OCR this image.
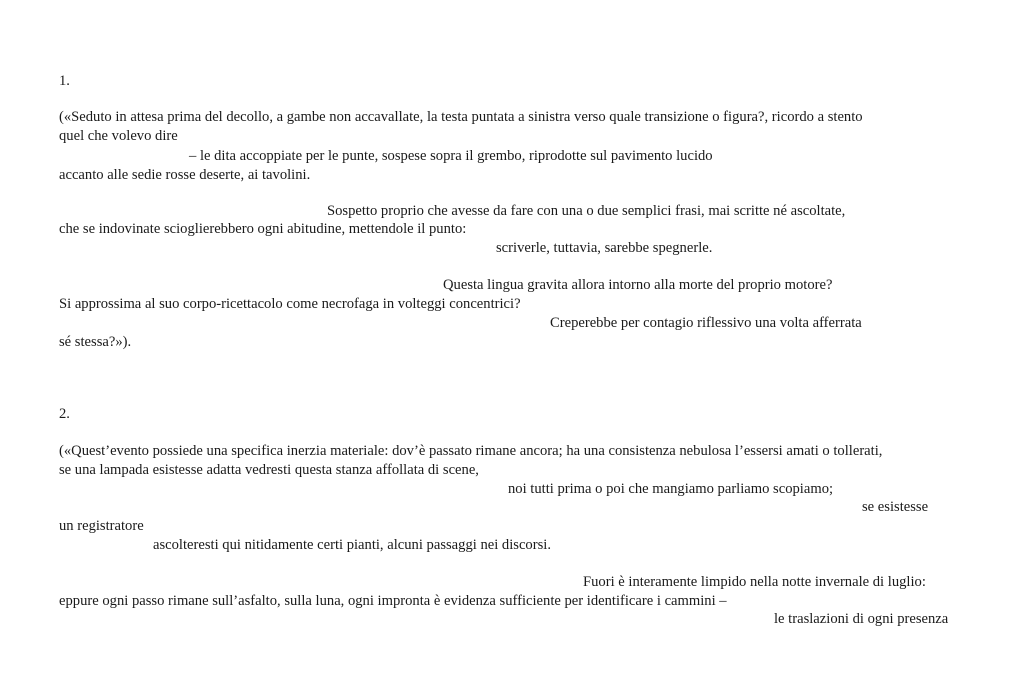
1.

(«Seduto in attesa prima del decollo, a gambe non accavallate, la testa puntata a sinistra verso quale transizione o figura?, ricordo a stento

quel che volevo dire

– le dita accoppiate per le punte, sospese sopra il grembo, riprodotte sul pavimento lucido

accanto alle sedie rosse deserte, ai tavolini.

Sospetto proprio che avesse da fare con una o due semplici frasi, mai scritte né ascoltate,

che se indovinate scioglierebbero ogni abitudine, mettendole il punto:

scriverle, tuttavia, sarebbe spegnerle.

Questa lingua gravita allora intorno alla morte del proprio motore?

Si approssima al suo corpo-ricettacolo come necrofaga in volteggi concentrici?

Creperebbe per contagio riflessivo una volta afferrata

sé stessa?»).

2.

(«Quest’evento possiede una specifica inerzia materiale: dov’è passato rimane ancora; ha una consistenza nebulosa l’essersi amati o tollerati,

se una lampada esistesse adatta vedresti questa stanza affollata di scene,

noi tutti prima o poi che mangiamo parliamo scopiamo;

se esistesse

un registratore

ascolteresti qui nitidamente certi pianti, alcuni passaggi nei discorsi.

Fuori è interamente limpido nella notte invernale di luglio:

eppure ogni passo rimane sull’asfalto, sulla luna, ogni impronta è evidenza sufficiente per identificare i cammini –

le traslazioni di ogni presenza
